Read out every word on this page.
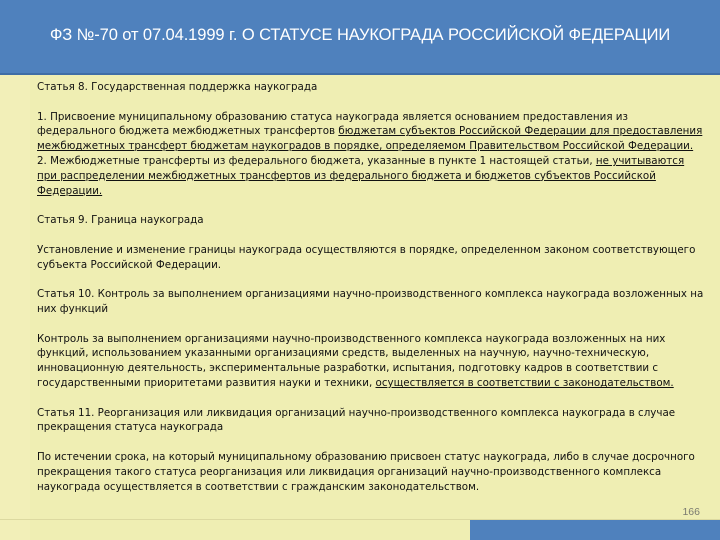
ФЗ №-70 от 07.04.1999 г. О СТАТУСЕ НАУКОГРАДА РОССИЙСКОЙ ФЕДЕРАЦИИ

Статья 8. Государственная поддержка наукограда

1. Присвоение муниципальному образованию статуса наукограда является основанием предоставления из федерального бюджета межбюджетных трансфертов бюджетам субъектов Российской Федерации для предоставления межбюджетных трансферт бюджетам наукоградов в порядке, определяемом Правительством Российской Федерации.

2. Межбюджетные трансферты из федерального бюджета, указанные в пункте 1 настоящей статьи, не учитываются при распределении межбюджетных трансфертов из федерального бюджета и бюджетов субъектов Российской Федерации.

Статья 9. Граница наукограда

Установление и изменение границы наукограда осуществляются в порядке, определенном законом соответствующего субъекта Российской Федерации.

Статья 10. Контроль за выполнением организациями научно-производственного комплекса наукограда возложенных на них функций

Контроль за выполнением организациями научно-производственного комплекса наукограда возложенных на них функций, использованием указанными организациями средств, выделенных на научную, научно-техническую, инновационную деятельность, экспериментальные разработки, испытания, подготовку кадров в соответствии с государственными приоритетами развития науки и техники, осуществляется в соответствии с законодательством.

Статья 11. Реорганизация или ликвидация организаций научно-производственного комплекса наукограда в случае прекращения статуса наукограда

По истечении срока, на который муниципальному образованию присвоен статус наукограда, либо в случае досрочного прекращения такого статуса реорганизация или ликвидация организаций научно-производственного комплекса наукограда осуществляется в соответствии с гражданским законодательством.

166
